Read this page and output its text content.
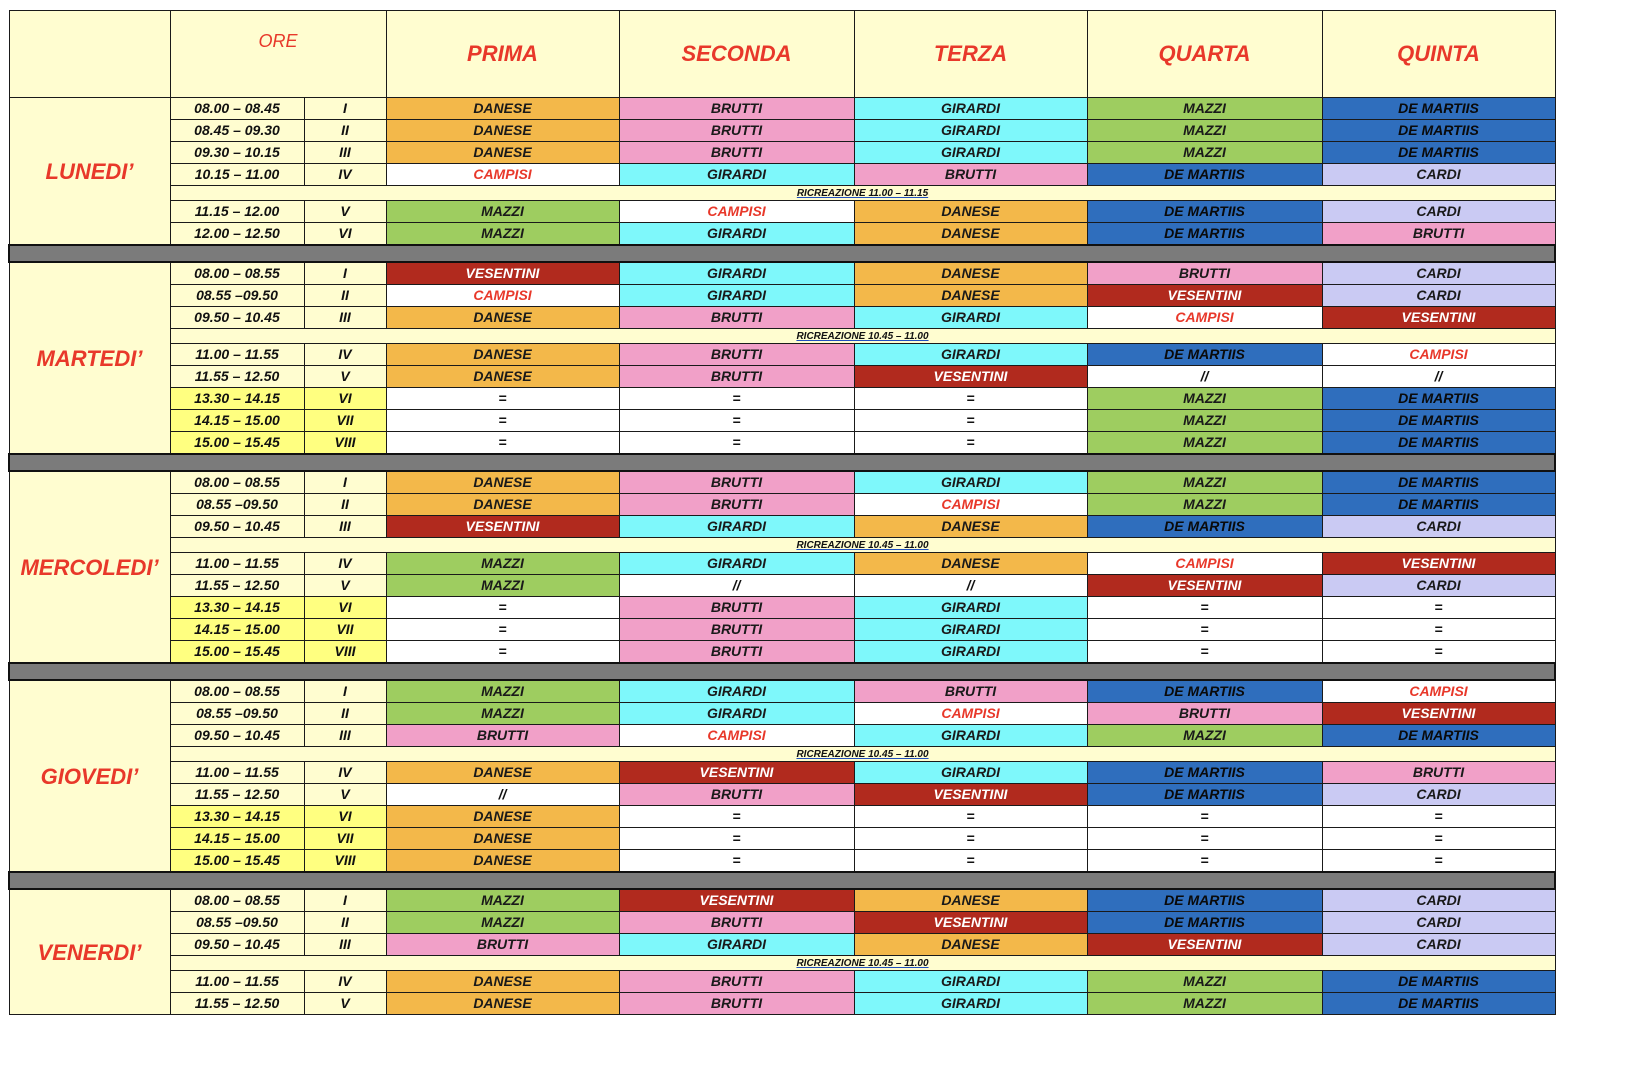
	ORE		PRIMA	SECONDA	TERZA	QUARTA	QUINTA
LUNEDI’	08.00 – 08.45	I	DANESE	BRUTTI	GIRARDI	MAZZI	DE MARTIIS
	08.45 – 09.30	II	DANESE	BRUTTI	GIRARDI	MAZZI	DE MARTIIS
	09.30 – 10.15	III	DANESE	BRUTTI	GIRARDI	MAZZI	DE MARTIIS
	10.15 – 11.00	IV	CAMPISI	GIRARDI	BRUTTI	DE MARTIIS	CARDI
	RICREAZIONE 11.00 – 11.15						
	11.15 – 12.00	V	MAZZI	CAMPISI	DANESE	DE MARTIIS	CARDI
	12.00 – 12.50	VI	MAZZI	GIRARDI	DANESE	DE MARTIIS	BRUTTI

MARTEDI’	08.00 – 08.55	I	VESENTINI	GIRARDI	DANESE	BRUTTI	CARDI
	08.55 –09.50	II	CAMPISI	GIRARDI	DANESE	VESENTINI	CARDI
	09.50 – 10.45	III	DANESE	BRUTTI	GIRARDI	CAMPISI	VESENTINI
	RICREAZIONE 10.45 – 11.00						
	11.00 – 11.55	IV	DANESE	BRUTTI	GIRARDI	DE MARTIIS	CAMPISI
	11.55 – 12.50	V	DANESE	BRUTTI	VESENTINI	//	//
	13.30 – 14.15	VI	=	=	=	MAZZI	DE MARTIIS
	14.15 – 15.00	VII	=	=	=	MAZZI	DE MARTIIS
	15.00 – 15.45	VIII	=	=	=	MAZZI	DE MARTIIS

MERCOLEDI’	08.00 – 08.55	I	DANESE	BRUTTI	GIRARDI	MAZZI	DE MARTIIS
	08.55 –09.50	II	DANESE	BRUTTI	CAMPISI	MAZZI	DE MARTIIS
	09.50 – 10.45	III	VESENTINI	GIRARDI	DANESE	DE MARTIIS	CARDI
	RICREAZIONE 10.45 – 11.00						
	11.00 – 11.55	IV	MAZZI	GIRARDI	DANESE	CAMPISI	VESENTINI
	11.55 – 12.50	V	MAZZI	//	//	VESENTINI	CARDI
	13.30 – 14.15	VI	=	BRUTTI	GIRARDI	=	=
	14.15 – 15.00	VII	=	BRUTTI	GIRARDI	=	=
	15.00 – 15.45	VIII	=	BRUTTI	GIRARDI	=	=

GIOVEDI’	08.00 – 08.55	I	MAZZI	GIRARDI	BRUTTI	DE MARTIIS	CAMPISI
	08.55 –09.50	II	MAZZI	GIRARDI	CAMPISI	BRUTTI	VESENTINI
	09.50 – 10.45	III	BRUTTI	CAMPISI	GIRARDI	MAZZI	DE MARTIIS
	RICREAZIONE 10.45 – 11.00						
	11.00 – 11.55	IV	DANESE	VESENTINI	GIRARDI	DE MARTIIS	BRUTTI
	11.55 – 12.50	V	//	BRUTTI	VESENTINI	DE MARTIIS	CARDI
	13.30 – 14.15	VI	DANESE	=	=	=	=
	14.15 – 15.00	VII	DANESE	=	=	=	=
	15.00 – 15.45	VIII	DANESE	=	=	=	=

VENERDI’	08.00 – 08.55	I	MAZZI	VESENTINI	DANESE	DE MARTIIS	CARDI
	08.55 –09.50	II	MAZZI	BRUTTI	VESENTINI	DE MARTIIS	CARDI
	09.50 – 10.45	III	BRUTTI	GIRARDI	DANESE	VESENTINI	CARDI
	RICREAZIONE 10.45 – 11.00						
	11.00 – 11.55	IV	DANESE	BRUTTI	GIRARDI	MAZZI	DE MARTIIS
	11.55 – 12.50	V	DANESE	BRUTTI	GIRARDI	MAZZI	DE MARTIIS
